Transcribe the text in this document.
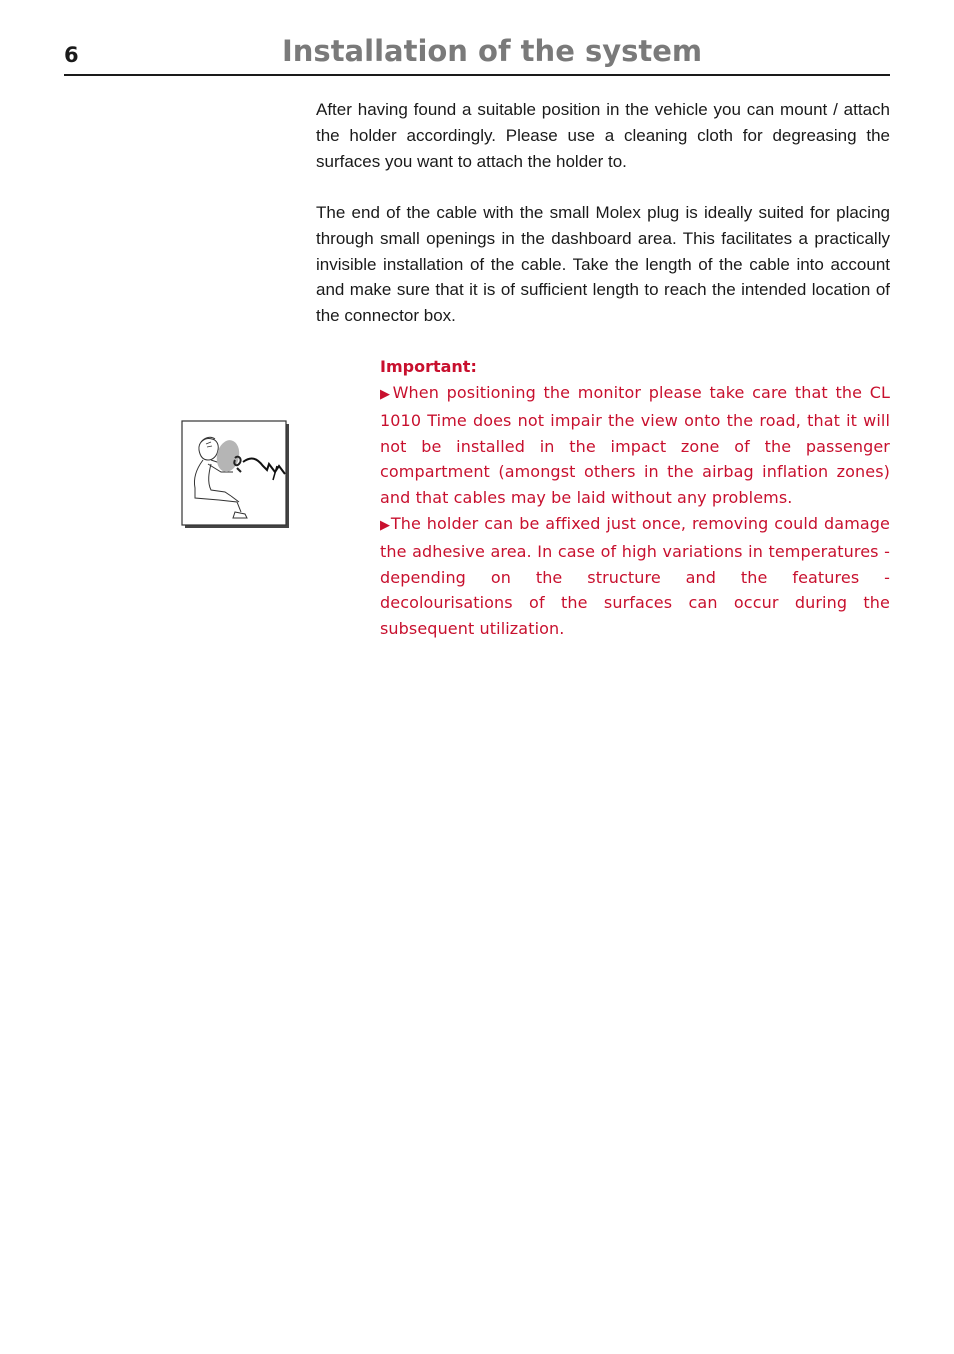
6	Installation of the system

After having found a suitable position in the vehicle you can mount / attach the holder accordingly. Please use a cleaning cloth for degreasing the surfaces you want to attach the holder to.

The end of the cable with the small Molex plug is ideally suited for placing through small openings in the dashboard area. This facilitates a practically invisible installation of the cable. Take the length of the cable into account and make sure that it is of sufficient length to reach the intended location of the connector box.

Important:

▶When positioning the monitor please take care that the CL 1010 Time does not impair the view onto the road, that it will not be installed in the impact zone of the passenger compartment (amongst others in the airbag inflation zones) and that cables may be laid without any problems.

▶The holder can be affixed just once, removing could damage the adhesive area. In case of high variations in temperatures - depending on the structure and the features - decolourisations of the surfaces can occur during the subsequent utilization.
